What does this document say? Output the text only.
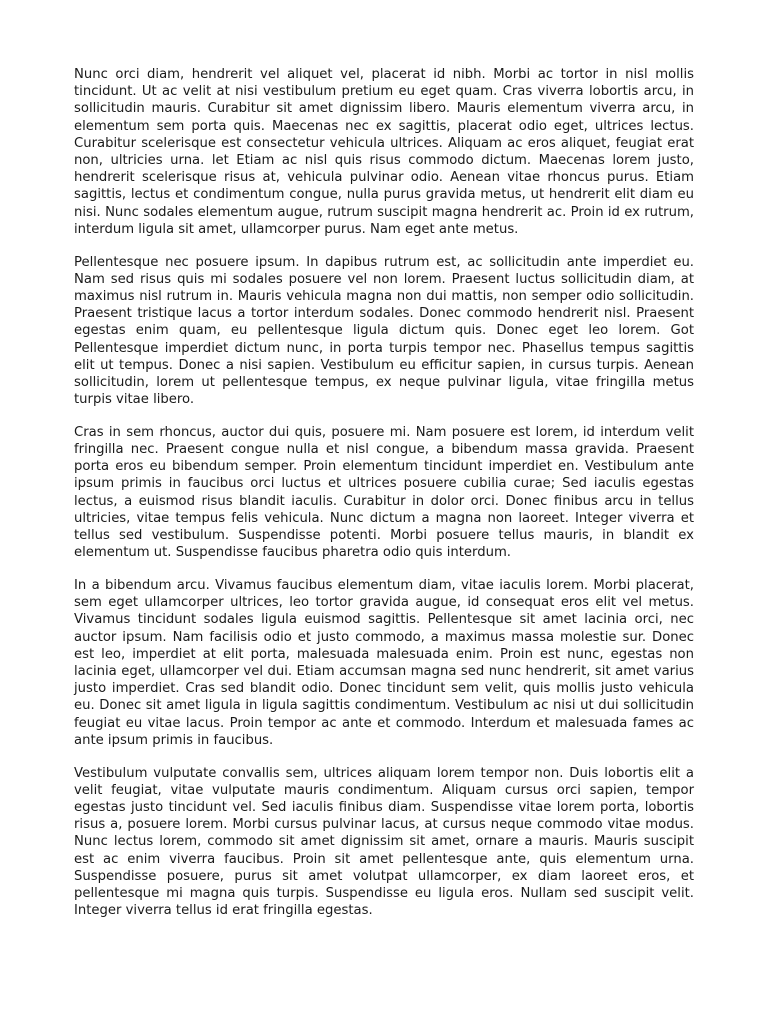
Nunc orci diam, hendrerit vel aliquet vel, placerat id nibh. Morbi ac tortor in nisl mollis tincidunt. Ut ac velit at nisi vestibulum pretium eu eget quam. Cras viverra lobortis arcu, in sollicitudin mauris. Curabitur sit amet dignissim libero. Mauris elementum viverra arcu, in elementum sem porta quis. Maecenas nec ex sagittis, placerat odio eget, ultrices lectus. Curabitur scelerisque est consectetur vehicula ultrices. Aliquam ac eros aliquet, feugiat erat non, ultricies urna. let Etiam ac nisl quis risus commodo dictum. Maecenas lorem justo, hendrerit scelerisque risus at, vehicula pulvinar odio. Aenean vitae rhoncus purus. Etiam sagittis, lectus et condimentum congue, nulla purus gravida metus, ut hendrerit elit diam eu nisi. Nunc sodales elementum augue, rutrum suscipit magna hendrerit ac. Proin id ex rutrum, interdum ligula sit amet, ullamcorper purus. Nam eget ante metus.

Pellentesque nec posuere ipsum. In dapibus rutrum est, ac sollicitudin ante imperdiet eu. Nam sed risus quis mi sodales posuere vel non lorem. Praesent luctus sollicitudin diam, at maximus nisl rutrum in. Mauris vehicula magna non dui mattis, non semper odio sollicitudin. Praesent tristique lacus a tortor interdum sodales. Donec commodo hendrerit nisl. Praesent egestas enim quam, eu pellentesque ligula dictum quis. Donec eget leo lorem. Got Pellentesque imperdiet dictum nunc, in porta turpis tempor nec. Phasellus tempus sagittis elit ut tempus. Donec a nisi sapien. Vestibulum eu efficitur sapien, in cursus turpis. Aenean sollicitudin, lorem ut pellentesque tempus, ex neque pulvinar ligula, vitae fringilla metus turpis vitae libero.

Cras in sem rhoncus, auctor dui quis, posuere mi. Nam posuere est lorem, id interdum velit fringilla nec. Praesent congue nulla et nisl congue, a bibendum massa gravida. Praesent porta eros eu bibendum semper. Proin elementum tincidunt imperdiet en. Vestibulum ante ipsum primis in faucibus orci luctus et ultrices posuere cubilia curae; Sed iaculis egestas lectus, a euismod risus blandit iaculis. Curabitur in dolor orci. Donec finibus arcu in tellus ultricies, vitae tempus felis vehicula. Nunc dictum a magna non laoreet. Integer viverra et tellus sed vestibulum. Suspendisse potenti. Morbi posuere tellus mauris, in blandit ex elementum ut. Suspendisse faucibus pharetra odio quis interdum.

In a bibendum arcu. Vivamus faucibus elementum diam, vitae iaculis lorem. Morbi placerat, sem eget ullamcorper ultrices, leo tortor gravida augue, id consequat eros elit vel metus. Vivamus tincidunt sodales ligula euismod sagittis. Pellentesque sit amet lacinia orci, nec auctor ipsum. Nam facilisis odio et justo commodo, a maximus massa molestie sur. Donec est leo, imperdiet at elit porta, malesuada malesuada enim. Proin est nunc, egestas non lacinia eget, ullamcorper vel dui. Etiam accumsan magna sed nunc hendrerit, sit amet varius justo imperdiet. Cras sed blandit odio. Donec tincidunt sem velit, quis mollis justo vehicula eu. Donec sit amet ligula in ligula sagittis condimentum. Vestibulum ac nisi ut dui sollicitudin feugiat eu vitae lacus. Proin tempor ac ante et commodo. Interdum et malesuada fames ac ante ipsum primis in faucibus.

Vestibulum vulputate convallis sem, ultrices aliquam lorem tempor non. Duis lobortis elit a velit feugiat, vitae vulputate mauris condimentum. Aliquam cursus orci sapien, tempor egestas justo tincidunt vel. Sed iaculis finibus diam. Suspendisse vitae lorem porta, lobortis risus a, posuere lorem. Morbi cursus pulvinar lacus, at cursus neque commodo vitae modus. Nunc lectus lorem, commodo sit amet dignissim sit amet, ornare a mauris. Mauris suscipit est ac enim viverra faucibus. Proin sit amet pellentesque ante, quis elementum urna. Suspendisse posuere, purus sit amet volutpat ullamcorper, ex diam laoreet eros, et pellentesque mi magna quis turpis. Suspendisse eu ligula eros. Nullam sed suscipit velit. Integer viverra tellus id erat fringilla egestas.
